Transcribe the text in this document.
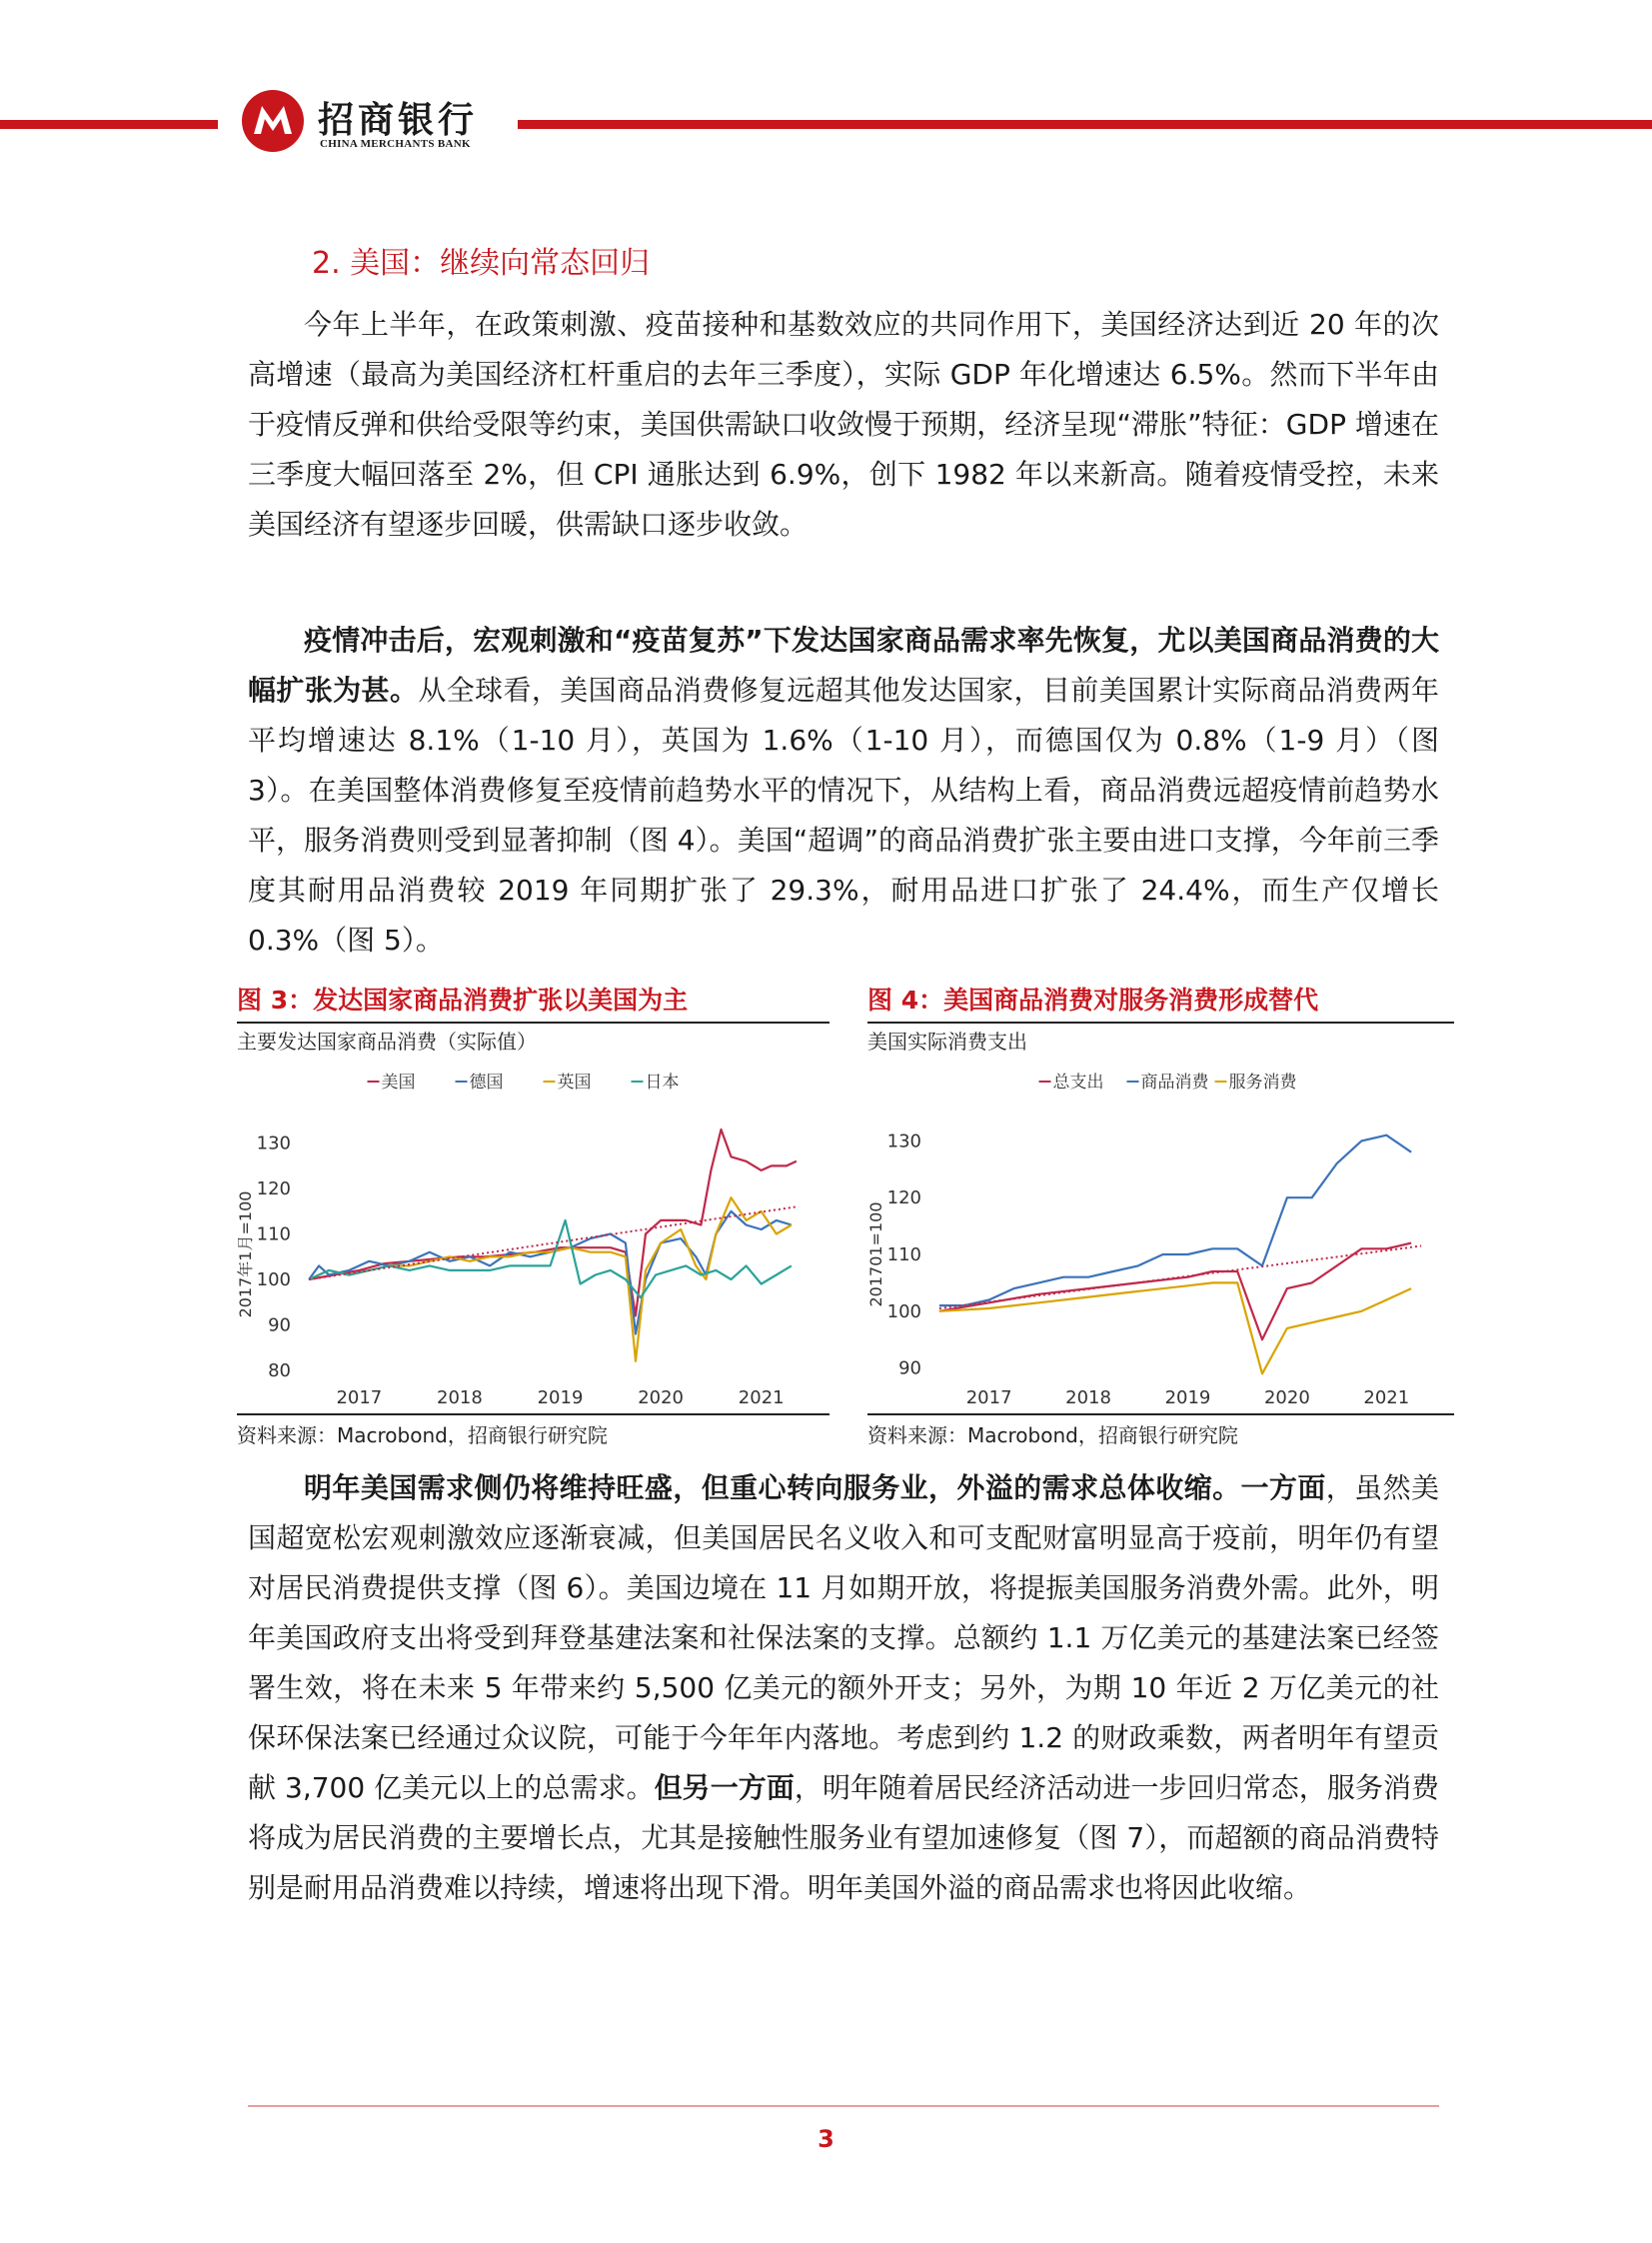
招商银行
CHINA MERCHANTS BANK
2. 美国：继续向常态回归

今年上半年，在政策刺激、疫苗接种和基数效应的共同作用下，美国经济达到近 20 年的次高增速（最高为美国经济杠杆重启的去年三季度），实际 GDP 年化增速达 6.5%。然而下半年由于疫情反弹和供给受限等约束，美国供需缺口收敛慢于预期，经济呈现“滞胀”特征：GDP 增速在三季度大幅回落至 2%，但 CPI 通胀达到 6.9%，创下 1982 年以来新高。随着疫情受控，未来美国经济有望逐步回暖，供需缺口逐步收敛。

疫情冲击后，宏观刺激和“疫苗复苏”下发达国家商品需求率先恢复，尤以美国商品消费的大幅扩张为甚。从全球看，美国商品消费修复远超其他发达国家，目前美国累计实际商品消费两年平均增速达 8.1%（1-10 月），英国为 1.6%（1-10 月），而德国仅为 0.8%（1-9 月）（图 3）。在美国整体消费修复至疫情前趋势水平的情况下，从结构上看，商品消费远超疫情前趋势水平，服务消费则受到显著抑制（图 4）。美国“超调”的商品消费扩张主要由进口支撑，今年前三季度其耐用品消费较 2019 年同期扩张了 29.3%，耐用品进口扩张了 24.4%，而生产仅增长 0.3%（图 5）。

图 3：发达国家商品消费扩张以美国为主
主要发达国家商品消费（实际值）
美国	德国	英国	日本
2017年1月=100
80
90
100
110
120
130
2017	2018	2019	2020	2021
资料来源：Macrobond，招商银行研究院
图 4：美国商品消费对服务消费形成替代
美国实际消费支出
总支出 商品消费 服务消费
201701=100
90
100
110
120
130
2017	2018	2019	2020	2021
资料来源：Macrobond，招商银行研究院

明年美国需求侧仍将维持旺盛，但重心转向服务业，外溢的需求总体收缩。一方面，虽然美国超宽松宏观刺激效应逐渐衰减，但美国居民名义收入和可支配财富明显高于疫前，明年仍有望对居民消费提供支撑（图 6）。美国边境在 11 月如期开放，将提振美国服务消费外需。此外，明年美国政府支出将受到拜登基建法案和社保法案的支撑。总额约 1.1 万亿美元的基建法案已经签署生效，将在未来 5 年带来约 5,500 亿美元的额外开支；另外，为期 10 年近 2 万亿美元的社保环保法案已经通过众议院，可能于今年年内落地。考虑到约 1.2 的财政乘数，两者明年有望贡献 3,700 亿美元以上的总需求。但另一方面，明年随着居民经济活动进一步回归常态，服务消费将成为居民消费的主要增长点，尤其是接触性服务业有望加速修复（图 7），而超额的商品消费特别是耐用品消费难以持续，增速将出现下滑。明年美国外溢的商品需求也将因此收缩。

3
